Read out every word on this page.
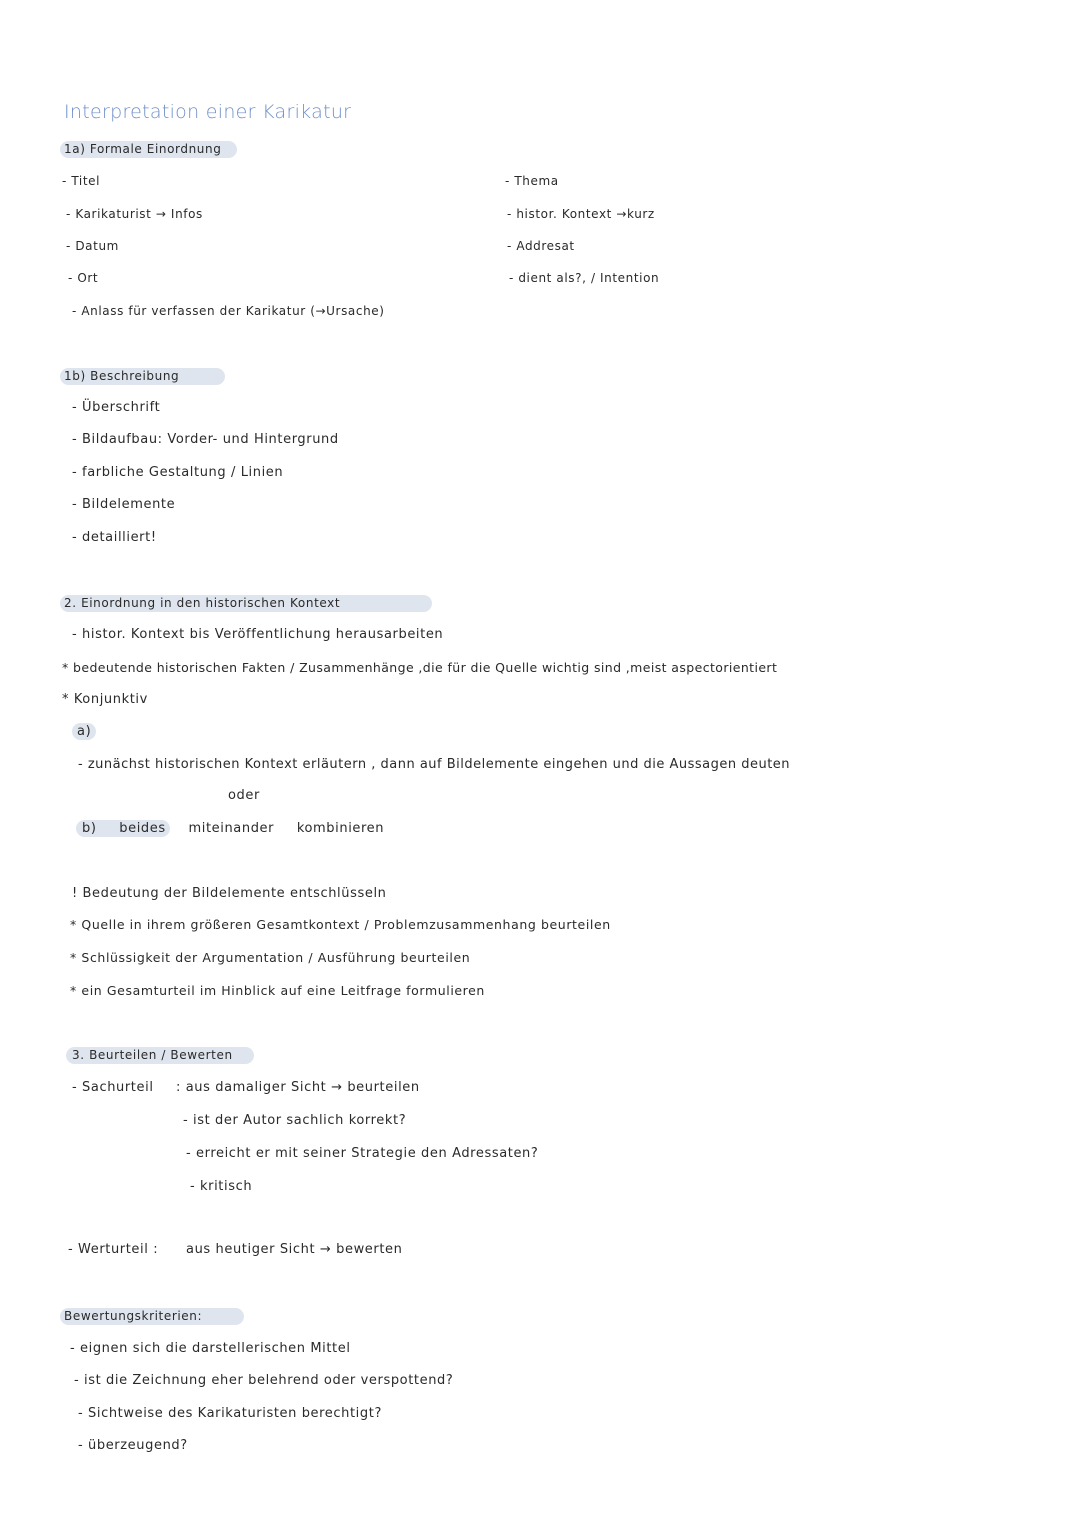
Interpretation einer Karikatur
1a) Formale Einordnung
- Titel
- Karikaturist → Infos
- Datum
- Ort
- Anlass für verfassen der Karikatur (→Ursache)
- Thema
- histor. Kontext →kurz
- Addresat
- dient als?, / Intention
1b) Beschreibung
- Überschrift
- Bildaufbau: Vorder- und Hintergrund
- farbliche Gestaltung / Linien
- Bildelemente
- detailliert!
2. Einordnung in den historischen Kontext
- histor. Kontext bis Veröffentlichung herausarbeiten
* bedeutende historischen Fakten / Zusammenhänge ,die für die Quelle wichtig sind ,meist aspectorientiert
* Konjunktiv
a)
- zunächst historischen Kontext erläutern , dann auf Bildelemente eingehen und die Aussagen deuten
oder
b) beides miteinander kombinieren
! Bedeutung der Bildelemente entschlüsseln
* Quelle in ihrem größeren Gesamtkontext / Problemzusammenhang beurteilen
* Schlüssigkeit der Argumentation / Ausführung beurteilen
* ein Gesamturteil im Hinblick auf eine Leitfrage formulieren
3. Beurteilen / Bewerten
- Sachurteil : aus damaliger Sicht → beurteilen
- ist der Autor sachlich korrekt?
- erreicht er mit seiner Strategie den Adressaten?
- kritisch
- Werturteil : aus heutiger Sicht → bewerten
Bewertungskriterien:
- eignen sich die darstellerischen Mittel
- ist die Zeichnung eher belehrend oder verspottend?
- Sichtweise des Karikaturisten berechtigt?
- überzeugend?
